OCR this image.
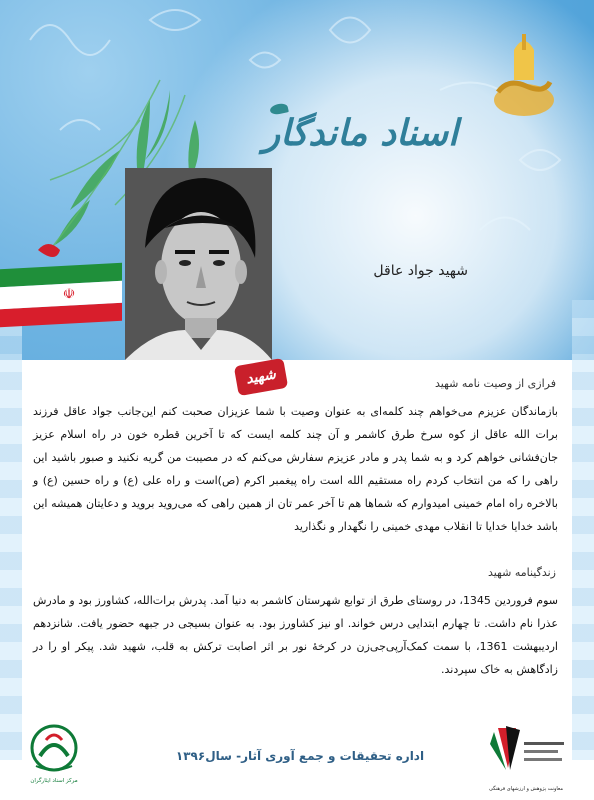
اسناد ماندگار
☫
شهید جواد عاقل
شهید	فرازی از وصیت نامه شهید
بازماندگان عزیزم می‌خواهم چند کلمه‌ای به عنوان وصیت با شما عزیزان صحبت کنم این‌جانب جواد عاقل فرزند برات الله عاقل از کوه سرخ طرق کاشمر و آن چند کلمه ایست که تا آخرین قطره خون در راه اسلام عزیز جان‌فشانی خواهم کرد و به شما پدر و مادر عزیزم سفارش می‌کنم که در مصیبت من گریه نکنید و صبور باشید این راهی را که من انتخاب کردم راه مستقیم الله است راه پیغمبر اکرم (ص)است و راه علی (ع) و راه حسین (ع) و بالاخره راه امام خمینی امیدوارم که شماها هم تا آخر عمر تان از همین راهی که می‌روید بروید و دعایتان همیشه این باشد خدایا خدایا تا انقلاب مهدی خمینی را نگهدار و نگذارید
زندگینامه شهید
سوم فروردین 1345، در روستای طرق از توابع شهرستان کاشمر به دنیا آمد. پدرش برات‌الله، کشاورز بود و مادرش عذرا نام داشت. تا چهارم ابتدایی درس خواند. او نیز کشاورز بود. به عنوان بسیجی در جبهه حضور یافت. شانزدهم اردیبهشت 1361، با سمت کمک‌آرپی‌جی‌زن در کرخهٔ نور بر اثر اصابت ترکش به قلب، شهید شد. پیکر او را در زادگاهش به خاک سپردند.
مرکز اسناد ایثارگران
اداره تحقیقات و جمع آوری آثار- سال۱۳۹۶
معاونت پژوهش و ارزشهای فرهنگی
